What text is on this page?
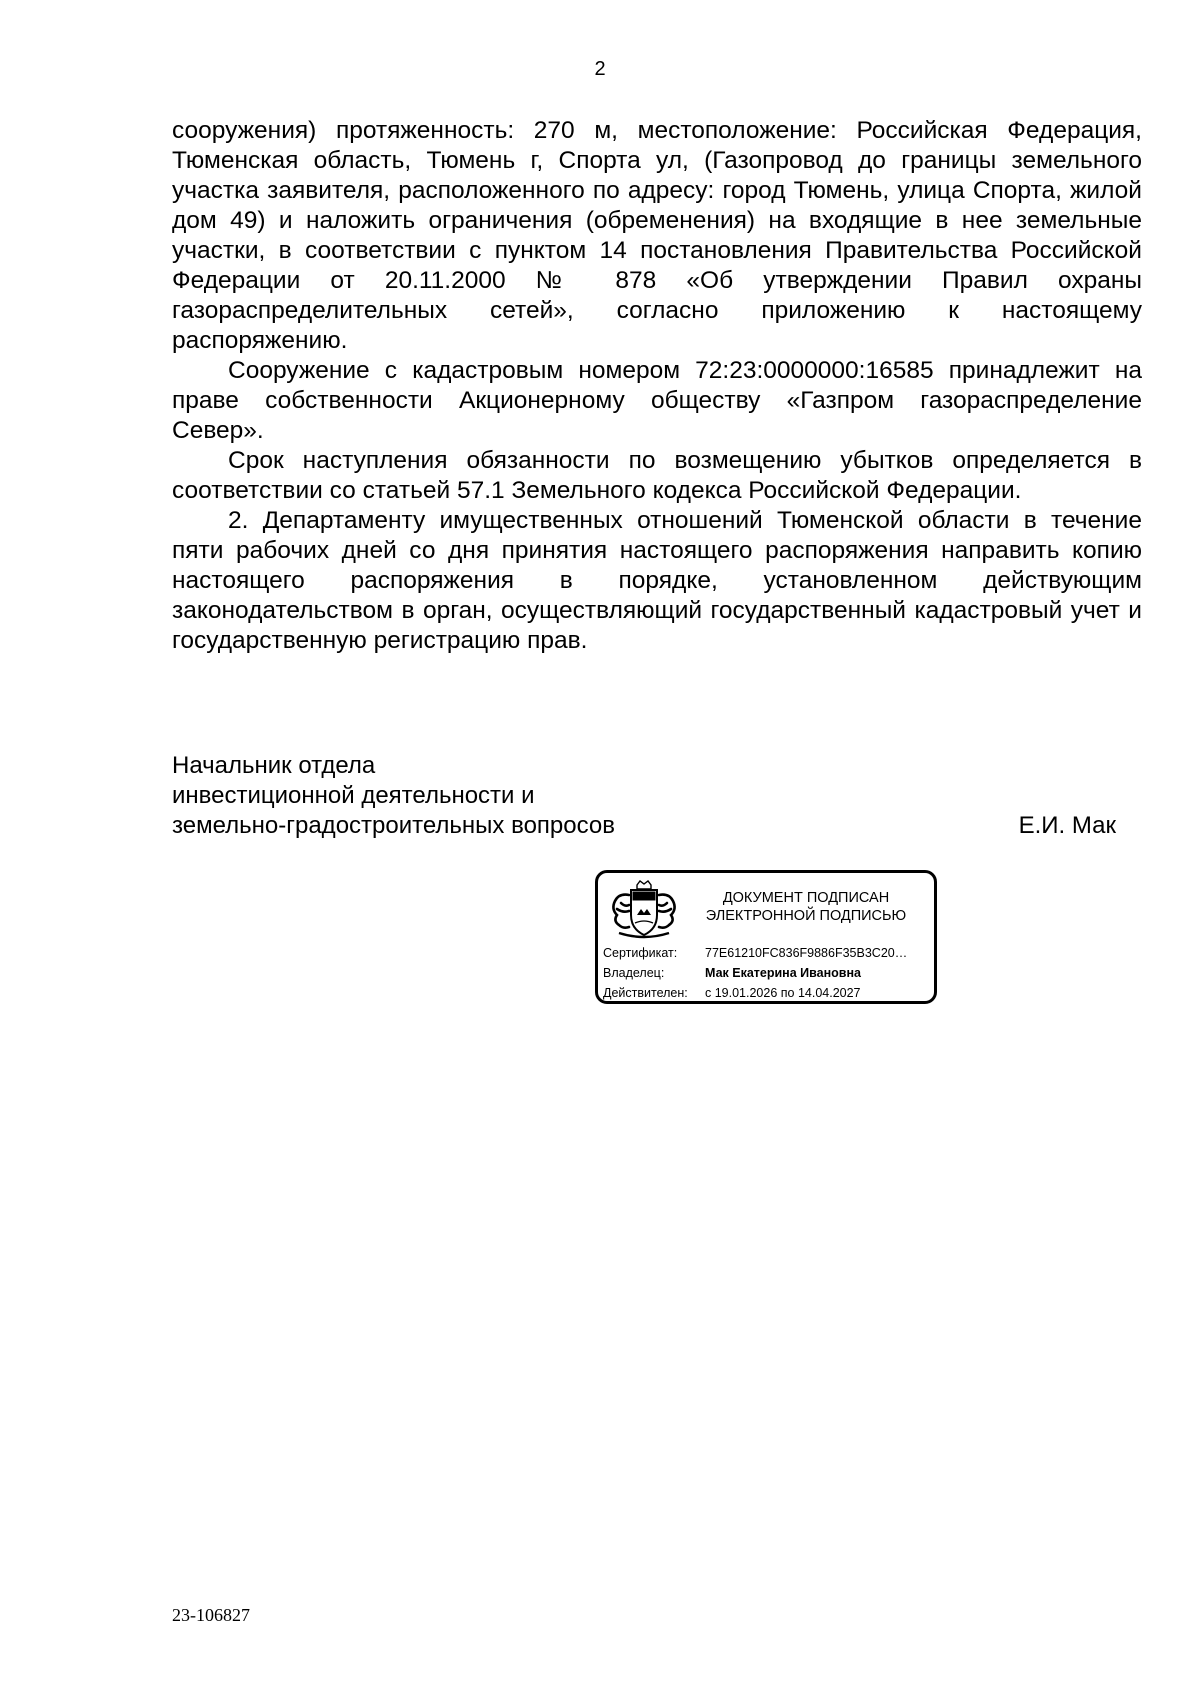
2

сооружения) протяженность: 270 м, местоположение: Российская Федерация, Тюменская область, Тюмень г, Спорта ул, (Газопровод до границы земельного участка заявителя, расположенного по адресу: город Тюмень, улица Спорта, жилой дом 49) и наложить ограничения (обременения) на входящие в нее земельные участки, в соответствии с пунктом 14 постановления Правительства Российской Федерации от 20.11.2000 № 878 «Об утверждении Правил охраны газораспределительных сетей», согласно приложению к настоящему распоряжению.

Сооружение с кадастровым номером 72:23:0000000:16585 принадлежит на праве собственности Акционерному обществу «Газпром газораспределение Север».

Срок наступления обязанности по возмещению убытков определяется в соответствии со статьей 57.1 Земельного кодекса Российской Федерации.

2. Департаменту имущественных отношений Тюменской области в течение пяти рабочих дней со дня принятия настоящего распоряжения направить копию настоящего распоряжения в порядке, установленном действующим законодательством в орган, осуществляющий государственный кадастровый учет и государственную регистрацию прав.

Начальник отдела
инвестиционной деятельности и
земельно-градостроительных вопросов	Е.И. Мак
ДОКУМЕНТ ПОДПИСАН
ЭЛЕКТРОННОЙ ПОДПИСЬЮ
Сертификат:	77E61210FC836F9886F35B3C20…
Владелец:	Мак Екатерина Ивановна
Действителен:	с 19.01.2026 по 14.04.2027
23-106827
